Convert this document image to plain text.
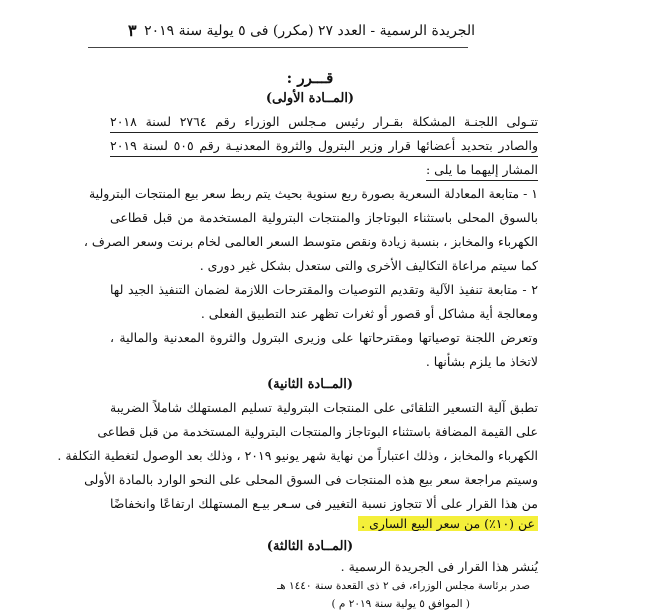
الجريدة الرسمية - العدد ٢٧ (مكرر) فى ٥ يولية سنة ٢٠١٩
٣
قـــرر :
(المــادة الأولى)
تتـولى اللجنـة المشكلة بقـرار رئيس مـجلس الوزراء رقم ٢٧٦٤ لسنة ٢٠١٨
والصادر بتحديد أعضائها قرار وزير البترول والثروة المعدنيـة رقم ٥٠٥ لسنة ٢٠١٩
المشار إليهما ما يلى :
١ - متابعة المعادلة السعرية بصورة ربع سنوية بحيث يتم ربط سعر بيع المنتجات البترولية
بالسوق المحلى باستثناء البوتاجاز والمنتجات البترولية المستخدمة من قبل قطاعى
الكهرباء والمخابز ، بنسبة زيادة ونقص متوسط السعر العالمى لخام برنت وسعر الصرف ،
كما سيتم مراعاة التكاليف الأخرى والتى ستعدل بشكل غير دورى .
٢ - متابعة تنفيذ الآلية وتقديم التوصيات والمقترحات اللازمة لضمان التنفيذ الجيد لها
ومعالجة أية مشاكل أو قصور أو ثغرات تظهر عند التطبيق الفعلى .
وتعرض اللجنة توصياتها ومقترحاتها على وزيرى البترول والثروة المعدنية والمالية ،
لاتخاذ ما يلزم بشأنها .
(المــادة الثانية)
تطبق آلية التسعير التلقائى على المنتجات البترولية تسليم المستهلك شاملاً الضريبة
على القيمة المضافة باستثناء البوتاجاز والمنتجات البترولية المستخدمة من قبل قطاعى
الكهرباء والمخابز ، وذلك اعتباراً من نهاية شهر يونيو ٢٠١٩ ، وذلك بعد الوصول لتغطية التكلفة .
وسيتم مراجعة سعر بيع هذه المنتجات فى السوق المحلى على النحو الوارد بالمادة الأولى
من هذا القرار على ألا تتجاوز نسبة التغيير فى سـعر بيـع المستهلك ارتفاعًا وانخفاضًا
عن (١٠٪) من سعر البيع السارى .
(المــادة الثالثة)
يُنشر هذا القرار فى الجريدة الرسمية .
صدر برئاسة مجلس الوزراء، فى ٢ ذى القعدة سنة ١٤٤٠ هـ
( الموافق ٥ يولية سنة ٢٠١٩ م )
